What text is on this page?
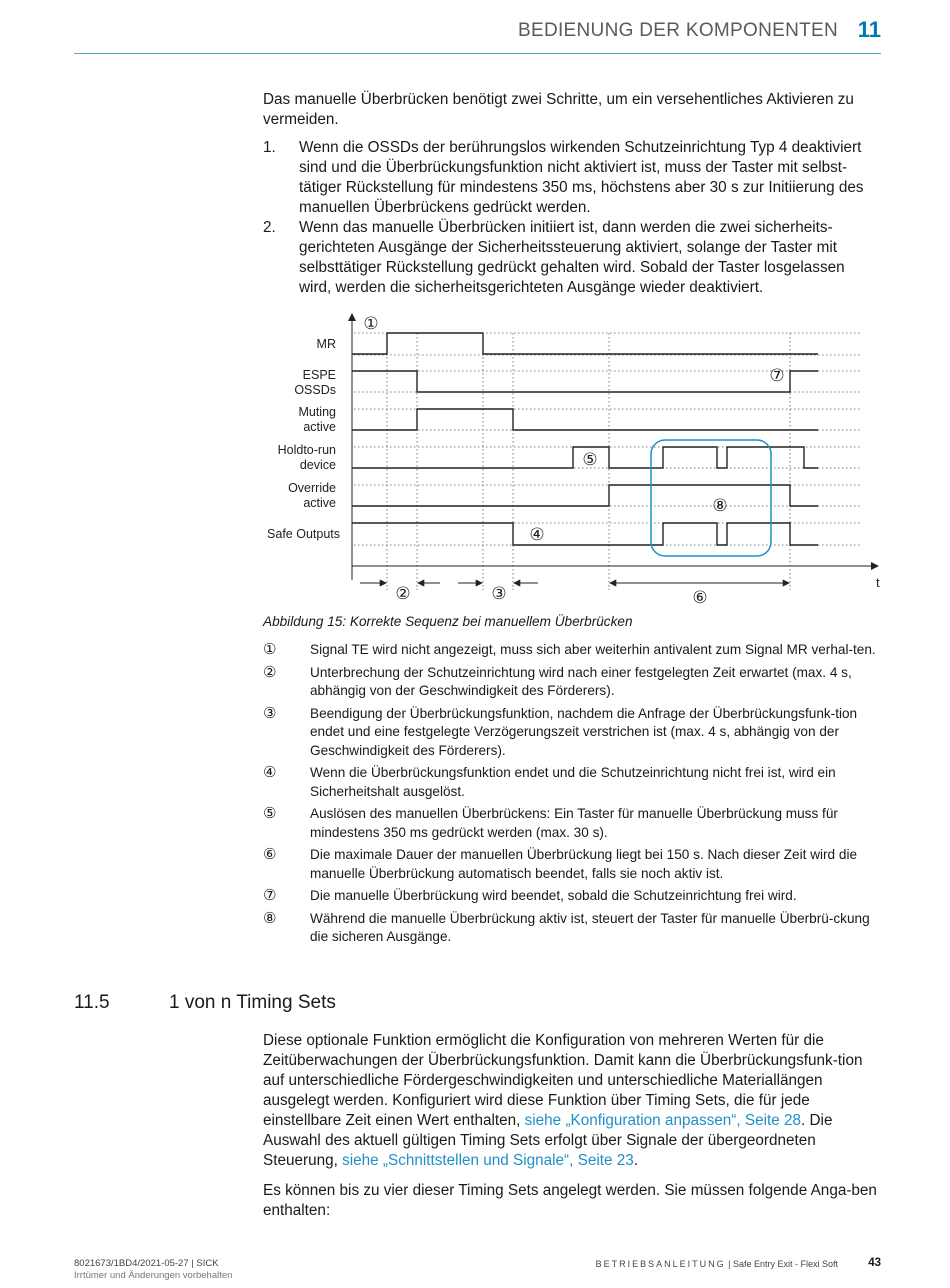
BEDIENUNG DER KOMPONENTEN 11

Das manuelle Überbrücken benötigt zwei Schritte, um ein versehentliches Aktivieren zu vermeiden.

1.	Wenn die OSSDs der berührungslos wirkenden Schutzeinrichtung Typ 4 deaktiviert sind und die Überbrückungsfunktion nicht aktiviert ist, muss der Taster mit selbst-tätiger Rückstellung für mindestens 350 ms, höchstens aber 30 s zur Initiierung des manuellen Überbrückens gedrückt werden.
2.	Wenn das manuelle Überbrücken initiiert ist, dann werden die zwei sicherheits-gerichteten Ausgänge der Sicherheitssteuerung aktiviert, solange der Taster mit selbsttätiger Rückstellung gedrückt gehalten wird. Sobald der Taster losgelassen wird, werden die sicherheitsgerichteten Ausgänge wieder deaktiviert.
MR
ESPE
OSSDs
Muting
active
Holdto-run
device
Override
active
Safe Outputs
①
⑦
⑤
⑧
④
②	③	⑥
t
Abbildung 15: Korrekte Sequenz bei manuellem Überbrücken
①	Signal TE wird nicht angezeigt, muss sich aber weiterhin antivalent zum Signal MR verhal-ten.
②	Unterbrechung der Schutzeinrichtung wird nach einer festgelegten Zeit erwartet (max. 4 s, abhängig von der Geschwindigkeit des Förderers).
③	Beendigung der Überbrückungsfunktion, nachdem die Anfrage der Überbrückungsfunk-tion endet und eine festgelegte Verzögerungszeit verstrichen ist (max. 4 s, abhängig von der Geschwindigkeit des Förderers).
④	Wenn die Überbrückungsfunktion endet und die Schutzeinrichtung nicht frei ist, wird ein Sicherheitshalt ausgelöst.
⑤	Auslösen des manuellen Überbrückens: Ein Taster für manuelle Überbrückung muss für mindestens 350 ms gedrückt werden (max. 30 s).
⑥	Die maximale Dauer der manuellen Überbrückung liegt bei 150 s. Nach dieser Zeit wird die manuelle Überbrückung automatisch beendet, falls sie noch aktiv ist.
⑦	Die manuelle Überbrückung wird beendet, sobald die Schutzeinrichtung frei wird.
⑧	Während die manuelle Überbrückung aktiv ist, steuert der Taster für manuelle Überbrü-ckung die sicheren Ausgänge.
11.5	1 von n Timing Sets

Diese optionale Funktion ermöglicht die Konfiguration von mehreren Werten für die Zeitüberwachungen der Überbrückungsfunktion. Damit kann die Überbrückungsfunk-tion auf unterschiedliche Fördergeschwindigkeiten und unterschiedliche Materiallängen ausgelegt werden. Konfiguriert wird diese Funktion über Timing Sets, die für jede einstellbare Zeit einen Wert enthalten, siehe „Konfiguration anpassen“, Seite 28. Die Auswahl des aktuell gültigen Timing Sets erfolgt über Signale der übergeordneten Steuerung, siehe „Schnittstellen und Signale“, Seite 23.

Es können bis zu vier dieser Timing Sets angelegt werden. Sie müssen folgende Anga-ben enthalten:

8021673/1BD4/2021-05-27 | SICK
Irrtümer und Änderungen vorbehalten
BETRIEBSANLEITUNG | Safe Entry Exit - Flexi Soft	43
